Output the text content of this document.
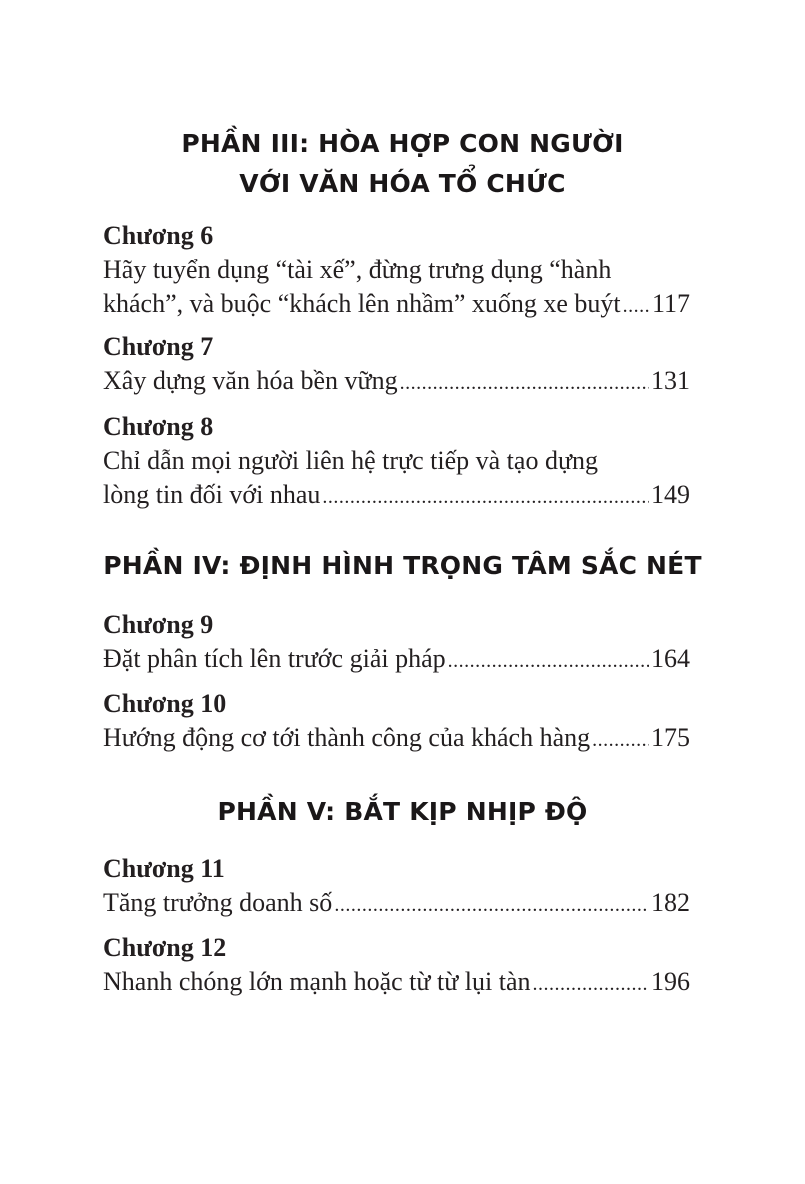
PHẦN III: HÒA HỢP CON NGƯỜI
VỚI VĂN HÓA TỔ CHỨC
Chương 6
Hãy tuyển dụng “tài xế”, đừng trưng dụng “hành
khách”, và buộc “khách lên nhầm” xuống xe buýt ..... 117
Chương 7
Xây dựng văn hóa bền vững .....	131
Chương 8
Chỉ dẫn mọi người liên hệ trực tiếp và tạo dựng
lòng tin đối với nhau .....	149
PHẦN IV: ĐỊNH HÌNH TRỌNG TÂM SẮC NÉT
Chương 9
Đặt phân tích lên trước giải pháp .....	164
Chương 10
Hướng động cơ tới thành công của khách hàng ..... 175
PHẦN V: BẮT KỊP NHỊP ĐỘ
Chương 11
Tăng trưởng doanh số .....	182
Chương 12
Nhanh chóng lớn mạnh hoặc từ từ lụi tàn .....	196
